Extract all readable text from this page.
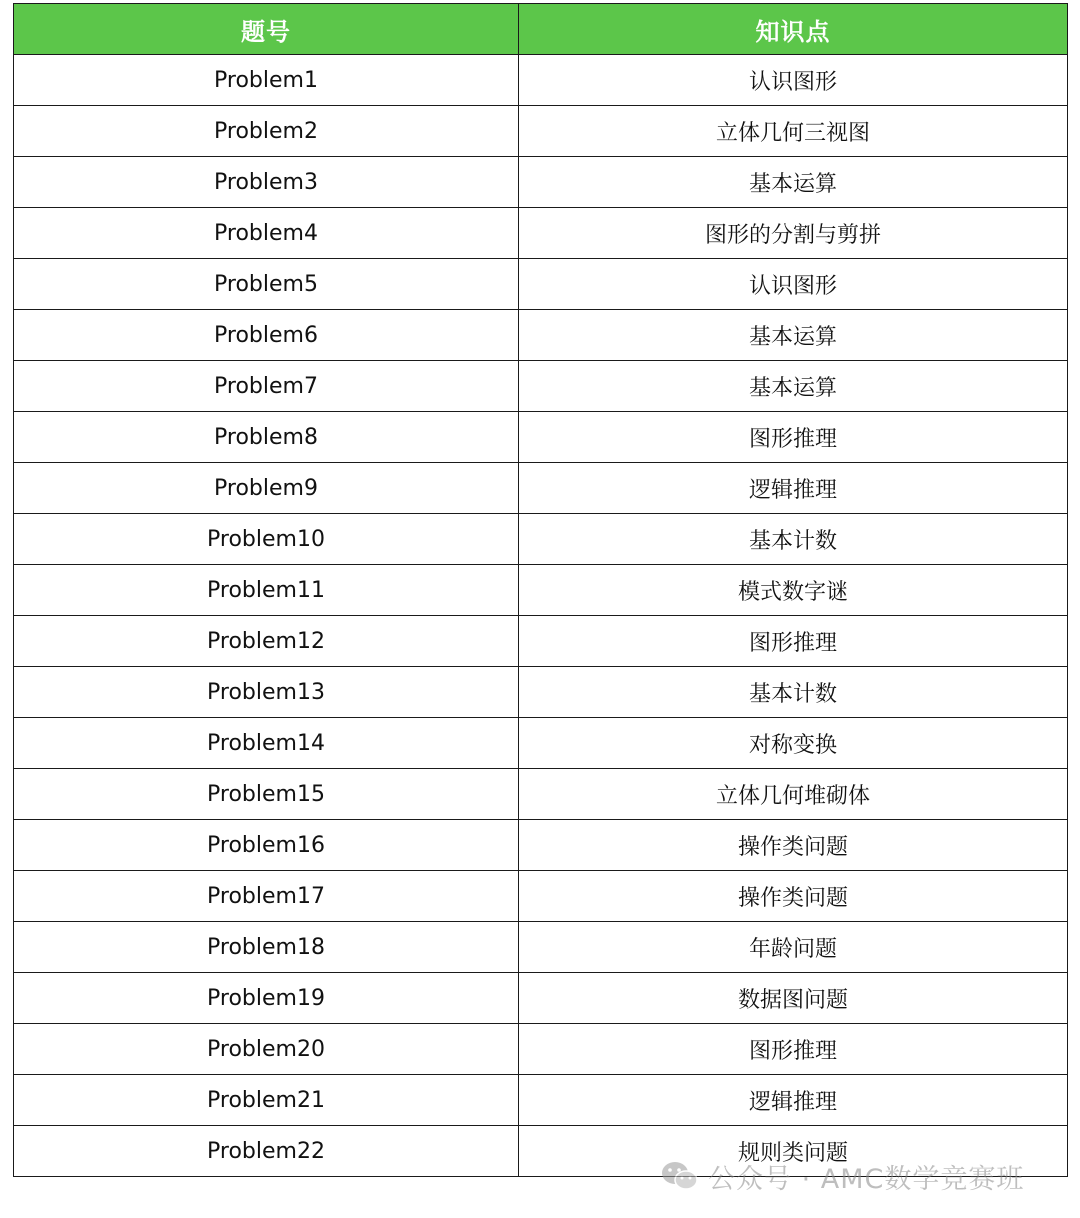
题号	知识点
Problem1	认识图形
Problem2	立体几何三视图
Problem3	基本运算
Problem4	图形的分割与剪拼
Problem5	认识图形
Problem6	基本运算
Problem7	基本运算
Problem8	图形推理
Problem9	逻辑推理
Problem10	基本计数
Problem11	模式数字谜
Problem12	图形推理
Problem13	基本计数
Problem14	对称变换
Problem15	立体几何堆砌体
Problem16	操作类问题
Problem17	操作类问题
Problem18	年龄问题
Problem19	数据图问题
Problem20	图形推理
Problem21	逻辑推理
Problem22	规则类问题
公众号 · AMC数学竞赛班
